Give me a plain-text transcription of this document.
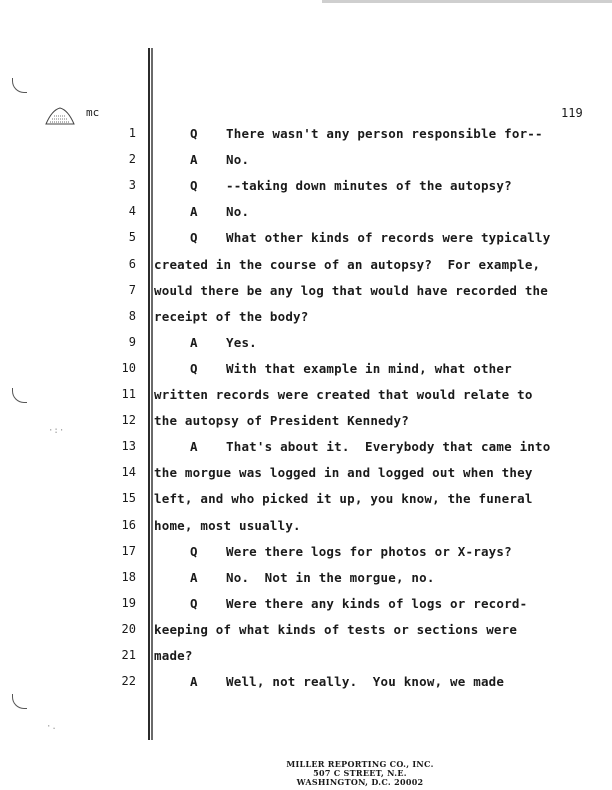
·:·
·.
mc	119
1	Q There wasn't any person responsible for--
2	A No.
3	Q --taking down minutes of the autopsy?
4	A No.
5	Q What other kinds of records were typically
6 created in the course of an autopsy?  For example,
7 would there be any log that would have recorded the
8 receipt of the body?
9	A Yes.
10	Q With that example in mind, what other
11 written records were created that would relate to
12 the autopsy of President Kennedy?
13	A That's about it.  Everybody that came into
14 the morgue was logged in and logged out when they
15 left, and who picked it up, you know, the funeral
16 home, most usually.
17	Q Were there logs for photos or X-rays?
18	A No.  Not in the morgue, no.
19	Q Were there any kinds of logs or record-
20 keeping of what kinds of tests or sections were
21 made?
22	A Well, not really.  You know, we made
MILLER REPORTING CO., INC.
507 C STREET, N.E.
WASHINGTON, D.C. 20002
